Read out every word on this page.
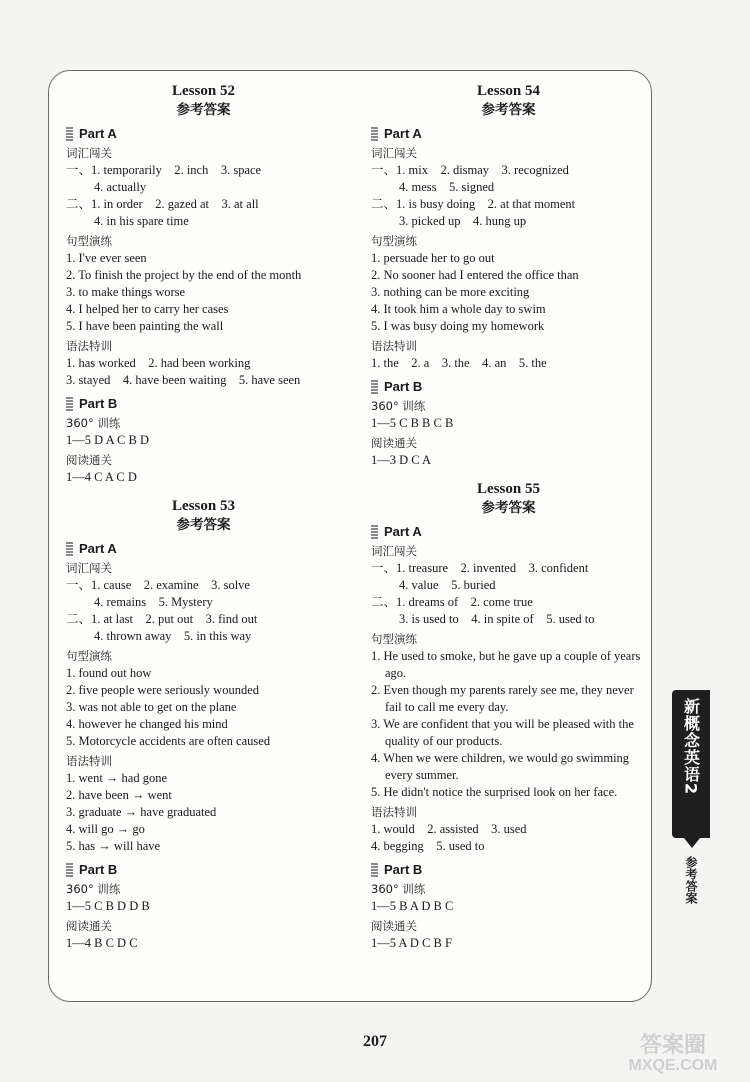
Lesson 52
参考答案
Part A
词汇闯关
一、1. temporarily　2. inch　3. space
4. actually
二、1. in order　2. gazed at　3. at all
4. in his spare time
句型演练
1. I've ever seen
2. To finish the project by the end of the month
3. to make things worse
4. I helped her to carry her cases
5. I have been painting the wall
语法特训
1. has worked　2. had been working
3. stayed　4. have been waiting　5. have seen
Part B
360° 训练
1—5 D A C B D
阅读通关
1—4 C A C D
Lesson 53
参考答案
Part A
词汇闯关
一、1. cause　2. examine　3. solve
4. remains　5. Mystery
二、1. at last　2. put out　3. find out
4. thrown away　5. in this way
句型演练
1. found out how
2. five people were seriously wounded
3. was not able to get on the plane
4. however he changed his mind
5. Motorcycle accidents are often caused
语法特训
1. went → had gone
2. have been → went
3. graduate → have graduated
4. will go → go
5. has → will have
Part B
360° 训练
1—5 C B D D B
阅读通关
1—4 B C D C
Lesson 54
参考答案
Part A
词汇闯关
一、1. mix　2. dismay　3. recognized
4. mess　5. signed
二、1. is busy doing　2. at that moment
3. picked up　4. hung up
句型演练
1. persuade her to go out
2. No sooner had I entered the office than
3. nothing can be more exciting
4. It took him a whole day to swim
5. I was busy doing my homework
语法特训
1. the　2. a　3. the　4. an　5. the
Part B
360° 训练
1—5 C B B C B
阅读通关
1—3 D C A
Lesson 55
参考答案
Part A
词汇闯关
一、1. treasure　2. invented　3. confident
4. value　5. buried
二、1. dreams of　2. come true
3. is used to　4. in spite of　5. used to
句型演练
1. He used to smoke, but he gave up a couple of years ago.
2. Even though my parents rarely see me, they never fail to call me every day.
3. We are confident that you will be pleased with the quality of our products.
4. When we were children, we would go swimming every summer.
5. He didn't notice the surprised look on her face.
语法特训
1. would　2. assisted　3. used
4. begging　5. used to
Part B
360° 训练
1—5 B A D B C
阅读通关
1—5 A D C B F
新概念英语2
参考答案
207	答案圈
MXQE.COM
